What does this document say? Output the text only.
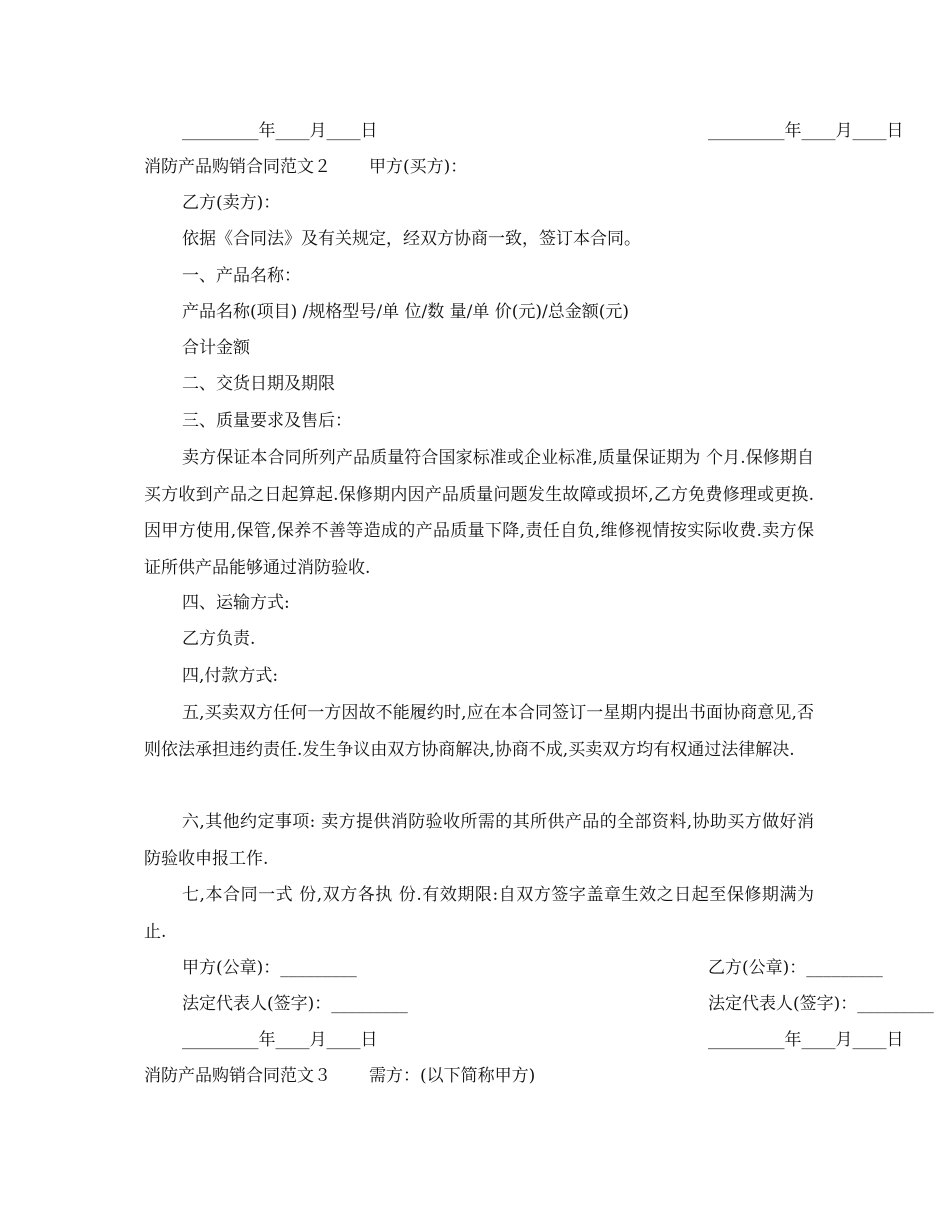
_________年____月____日	_________年____月____日
消防产品购销合同范文２ 甲方(买方)：
乙方(卖方)：
依据《合同法》及有关规定，经双方协商一致，签订本合同。
一、产品名称：
产品名称(项目) /规格型号/单 位/数 量/单 价(元)/总金额(元)
合计金额
二、交货日期及期限
三、质量要求及售后：
卖方保证本合同所列产品质量符合国家标准或企业标准,质量保证期为 个月.保修期自买方收到产品之日起算起.保修期内因产品质量问题发生故障或损坏,乙方免费修理或更换.因甲方使用,保管,保养不善等造成的产品质量下降,责任自负,维修视情按实际收费.卖方保证所供产品能够通过消防验收.
四、运输方式:
乙方负责.
四,付款方式:
五,买卖双方任何一方因故不能履约时,应在本合同签订一星期内提出书面协商意见,否则依法承担违约责任.发生争议由双方协商解决,协商不成,买卖双方均有权通过法律解决.
六,其他约定事项: 卖方提供消防验收所需的其所供产品的全部资料,协助买方做好消防验收申报工作.
七,本合同一式 份,双方各执 份.有效期限:自双方签字盖章生效之日起至保修期满为止.
甲方(公章)：_________	乙方(公章)：_________
法定代表人(签字)：_________	法定代表人(签字)：_________
_________年____月____日	_________年____月____日
消防产品购销合同范文３ 需方：(以下简称甲方)
